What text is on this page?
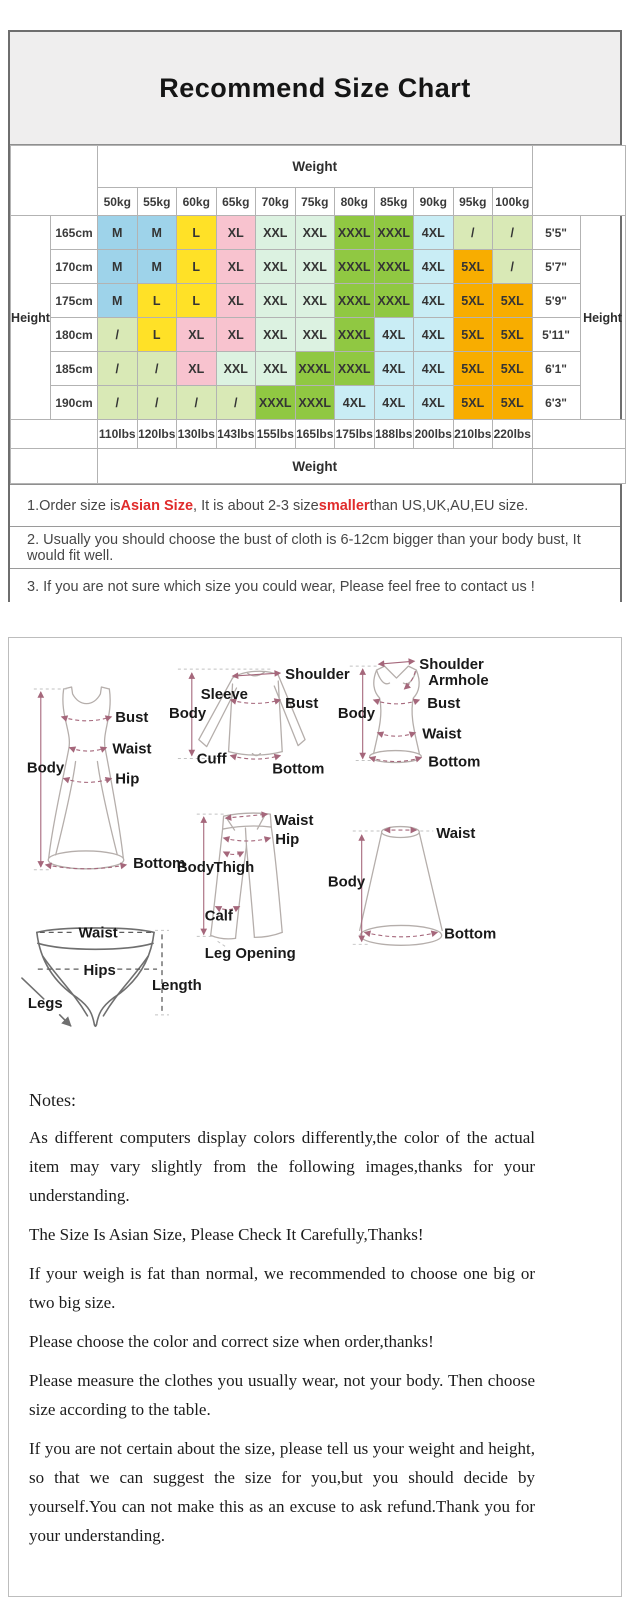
Recommend Size Chart
		Weight												
		50kg	55kg	60kg	65kg	70kg	75kg	80kg	85kg	90kg	95kg	100kg		
Height	165cm	M	M	L	XL	XXL	XXL	XXXL	XXXL	4XL	/	/	5'5"	Height
	170cm	M	M	L	XL	XXL	XXL	XXXL	XXXL	4XL	5XL	/	5'7"	
	175cm	M	L	L	XL	XXL	XXL	XXXL	XXXL	4XL	5XL	5XL	5'9"	
	180cm	/	L	XL	XL	XXL	XXL	XXXL	4XL	4XL	5XL	5XL	5'11"	
	185cm	/	/	XL	XXL	XXL	XXXL	XXXL	4XL	4XL	5XL	5XL	6'1"	
	190cm	/	/	/	/	XXXL	XXXL	4XL	4XL	4XL	5XL	5XL	6'3"	
		110lbs	120lbs	130lbs	143lbs	155lbs	165lbs	175lbs	188lbs	200lbs	210lbs	220lbs		
		Weight												
1.Order size is Asian Size , It is about 2-3 size smaller than US,UK,AU,EU size.
2. Usually you should choose the bust of cloth is 6-12cm bigger than your body bust, It would fit well.
3. If you are not sure which size you could wear, Please feel free to contact us !
Body
Bust
Waist
Hip
Bottom
Shoulder
Sleeve
Body
Bust
Cuff
Bottom
Shoulder
Armhole
Body
Bust
Waist
Bottom
Waist
Hip
Body Thigh
Calf
Leg Opening
Waist
Body
Bottom
Waist
Hips
Legs
Length

Notes:

As different computers display colors differently,the color of the actual item may vary slightly from the following images,thanks for your understanding.

The Size Is Asian Size, Please Check It Carefully,Thanks!

If your weigh is fat than normal, we recommended to choose one big or two big size.

Please choose the color and correct size when order,thanks!

Please measure the clothes you usually wear, not your body. Then choose size according to the table.

If you are not certain about the size, please tell us your weight and height, so that we can suggest the size for you,but you should decide by yourself.You can not make this as an excuse to ask refund.Thank you for your understanding.
